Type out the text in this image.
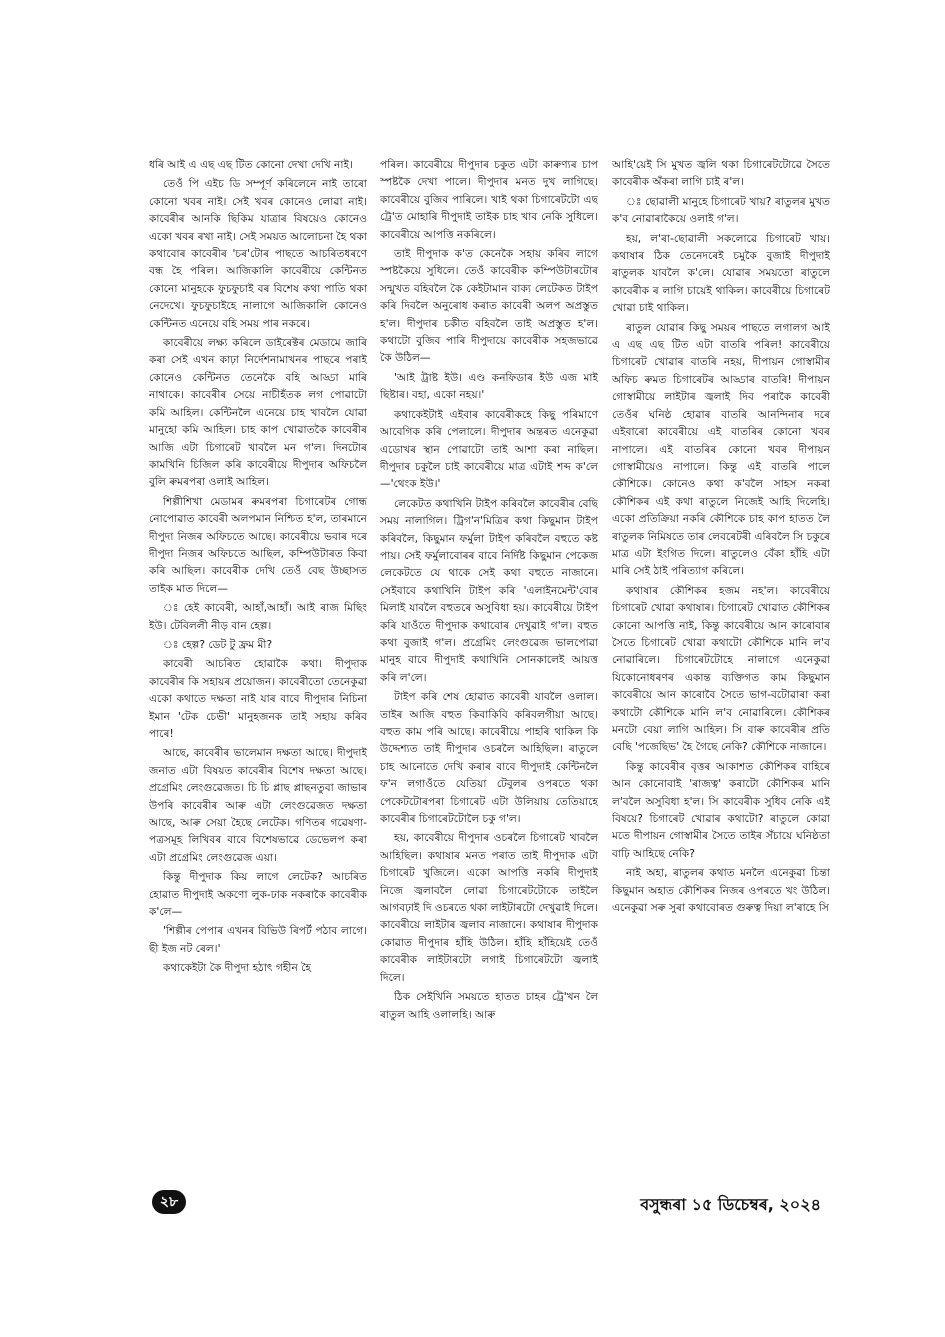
ধৰি আই এ এছ এছ টিত কোনো দেখা দেখি নাই।

তেওঁ পি এইচ ডি সম্পূৰ্ণ কৰিলেনে নাই তাৰো কোনো খবৰ নাই। সেই খবৰ কোনেও লোৱা নাই। কাবেৰীৰ আনকি ছিকিম যাত্ৰাৰ বিষয়েও কোনেও একো খবৰ ৰখা নাই। সেই সময়ত আলোচনা হৈ থকা কথাবোৰ কাবেৰীৰ 'চৰ'টোৰ পাছতে আচৰিতধৰণে বন্ধ হৈ পৰিল। আজিকালি কাবেৰীয়ে কেন্টিনত কোনো মানুহকে ফুচফুচাই বৰ বিশেষ কথা পাতি থকা নেদেখে। ফুচফুচাইহে নালাগে আজিকালি কোনেও কেন্টিনত এনেয়ে বহি সময় পাৰ নকৰে।

কাবেৰীয়ে লক্ষ্য কৰিলে ডাইৰেক্টৰ মেডামে জাৰি কৰা সেই এখন কাঢ়া নিৰ্দেশনামাখনৰ পাছৰে পৰাই কোনেও কেন্টিনত তেনেকৈ বহি আড্ডা মাৰি নাথাকে। কাবেৰীৰ সেয়ে নাচীহঁতক লগ পোৱাটো কমি আহিল। কেন্টিনলৈ এনেয়ে চাহ খাবলৈ যোৱা মানুহো কমি আহিল। চাহ কাপ খোৱাতকৈ কাবেৰীৰ আজি এটা চিগাৰেট খাবলৈ মন গ'ল। দিনটোৰ কামখিনি চিজিল কৰি কাবেৰীয়ে দীপুদাৰ অফিচলৈ বুলি ৰুমৰপৰা ওলাই আহিল।

শিল্পীশিখা মেডামৰ ৰুমৰপৰা চিগাৰেটৰ গোন্ধ নোপোৱাত কাবেৰী অলপমান নিশ্চিত হ'ল, তাৰমানে দীপুদা নিজৰ অফিচতে আছে। কাবেৰীয়ে ভবাৰ দৰে দীপুদা নিজৰ অফিচতে আছিল, কম্পিউটাৰত কিবা কৰি আছিল। কাবেৰীক দেখি তেওঁ বেছ উচ্ছাসত তাইক মাত দিলে—

ঃ হেই কাবেৰী, আহাঁ,আহাঁ। আই ৰাজ মিছিং ইউ। টেবিললী নীড় বান হেল্প।

ঃ হেল্প? ডেট টু ফ্ৰম মী?

কাবেৰী আচৰিত হোৱাকৈ কথা। দীপুদাক কাবেৰীৰ কি সহায়ৰ প্ৰয়োজন। কাবেৰীতো তেনেকুৱা একো কথাতে দক্ষতা নাই যাৰ বাবে দীপুদাৰ নিচিনা ইমান 'টেক চেভী' মানুহজনক তাই সহায় কৰিব পাৰে!

আছে, কাবেৰীৰ ভালেমান দক্ষতা আছে। দীপুদাই জনাত এটা বিষয়ত কাবেৰীৰ বিশেষ দক্ষতা আছে। প্ৰগ্ৰেমিং লেংগুৱেজত। চি চি প্লাছ প্লাছনতুবা জাভাৰ উপৰি কাবেৰীৰ আৰু এটা লেংগুৱেজত দক্ষতা আছে, আৰু সেয়া হৈছে লেটেক। গণিতৰ গৱেষণা-পত্ৰসমূহ লিখিবৰ বাবে বিশেষভাৱে ডেভেলপ কৰা এটা প্ৰগ্ৰেমিং লেংগুৱেজ এয়া।

কিন্তু দীপুদাক কিয় লাগে লেটেক? আচৰিত হোৱাত দীপুদাই অকণো লুক-ঢাক নকৰাকৈ কাবেৰীক ক'লে—

'শিল্পীৰ পেপাৰ এখনৰ বিভিউ ৰিপৰ্ট পঠাব লাগে। ছী ইজ নট ৰেল।'

কথাকেইটা কৈ দীপুদা হঠাৎ গহীন হৈ

পৰিল। কাবেৰীয়ে দীপুদাৰ চকুত এটা কাৰুণ্যৰ চাপ স্পষ্টকৈ দেখা পালে। দীপুদাৰ মনত দুখ লাগিছে। কাবেৰীয়ে বুজিব পাৰিলে। খাই থকা চিগাৰেটটো এছ ট্ৰে'ত মোহাৰি দীপুদাই তাইক চাহ খাব নেকি সুধিলে। কাবেৰীয়ে আপত্তি নকৰিলে।

তাই দীপুদাক ক'ত কেনেকৈ সহায় কৰিব লাগে স্পষ্টকৈয়ে সুধিলে। তেওঁ কাবেৰীক কম্পিউটাৰটোৰ সন্মুখত বহিবলৈ কৈ কেইটামান বাক্য লেটেকত টাইপ কৰি দিবলৈ অনুৰোধ কৰাত কাবেৰী অলপ অপ্ৰস্তুত হ'ল। দীপুদাৰ চকীত বহিবলৈ তাই অপ্ৰস্তুত হ'ল। কথাটো বুজিব পাৰি দীপুদায়ে কাবেৰীক সহজভাৱে কৈ উঠিল—

'আই ট্ৰাষ্ট ইউ। এণ্ড কনফিডাৰ ইউ এজ মাই ছিষ্টাৰ। বহা, একো নহয়।'

কথাকেইটাই এইবাৰ কাবেৰীকহে কিছু পৰিমাণে আবেগিক কৰি পেলালে। দীপুদাৰ অন্তৰত এনেকুৱা এডোখৰ স্থান পোৱাটো তাই আশা কৰা নাছিল। দীপুদাৰ চকুলৈ চাই কাবেৰীয়ে মাত্ৰ এটাই শব্দ ক'লে—'থেংক ইউ।'

লেকেটত কথাখিনি টাইপ কৰিবলৈ কাবেৰীৰ বেছি সময় নালাগিল। ট্ৰিগ'ন'মিত্ৰিৰ কথা কিছুমান টাইপ কৰিবলৈ, কিছুমান ফৰ্মুলা টাইপ কৰিবলৈ বহুতে কষ্ট পায়। সেই ফৰ্মুলাবোৰৰ বাবে নিৰ্দিষ্ট কিছুমান পেকেজ লেকেটতে যে থাকে সেই কথা বহুতে নাজানে। সেইবাবে কথাখিনি টাইপ কৰি 'এলাইনমেন্ট'বোৰ মিলাই যাবলৈ বহুতৰে অসুবিধা হয়। কাবেৰীয়ে টাইপ কৰি যাওঁতে দীপুদাক কথাবোৰ দেখুৱাই গ'ল। বহুত কথা বুজাই গ'ল। প্ৰগ্ৰেমিং লেংগুৱেজ ভালপোৱা মানুহ বাবে দীপুদাই কথাখিনি সোনকালেই আয়ত্ত কৰি ল'লে।

টাইপ কৰি শেষ হোৱাত কাবেৰী যাবলৈ ওলাল। তাইৰ আজি বহুত কিবাকিবি কৰিবলগীয়া আছে। বহুত কাম পৰি আছে। কাবেৰীয়ে পাহৰি থাকিল কি উদ্দেশ্যত তাই দীপুদাৰ ওচৰলৈ আহিছিল। ৰাতুলে চাহ আনোতে দেখি কৰাৰ বাবে দীপুদাই কেন্টিনলৈ ফ'ন লগাওঁতে যেতিয়া টেবুলৰ ওপৰতে থকা পেকেটটোৰপৰা চিগাৰেট এটা উলিয়ায় তেতিয়াহে কাবেৰীৰ চিগাৰেটটোলৈ চকু গ'ল।

হয়, কাবেৰীয়ে দীপুদাৰ ওচৰলৈ চিগাৰেট খাবলৈ আহিছিল। কথাষাৰ মনত পৰাত তাই দীপুদাক এটা চিগাৰেট খুজিলে। একো আপত্তি নকৰি দীপুদাই নিজে জ্বলাবলৈ লোৱা চিগাৰেটটোকে তাইলৈ আগবঢ়াই দি ওচৰতে থকা লাইটাৰটো দেখুৱাই দিলে। কাবেৰীয়ে লাইটাৰ জ্বলাব নাজানে। কথাষাৰ দীপুদাক কোৱাত দীপুদাৰ হাঁহি উঠিল। হাঁহি হাঁহিয়েই তেওঁ কাবেৰীক লাইটাৰটো লগাই চিগাৰেটটো জ্বলাই দিলে।

ঠিক সেইখিনি সময়তে হাতত চাহৰ ট্ৰে'খন লৈ ৰাতুল আহি ওলালহি। আৰু

আহি'য়েই সি মুখত জ্বলি থকা চিগাৰেটটোৱে সৈতে কাবেৰীক অঁকৰা লাগি চাই ৰ'ল।

ঃ ছোৱালী মানুহে চিগাৰেট খায়? ৰাতুলৰ মুখত ক'ব নোৱাৰাকৈয়ে ওলাই গ'ল।

হয়, ল'ৰা-ছোৱালী সকলোৱে চিগাৰেট খায়। কথাষাৰ ঠিক তেনেদৰেই চমুকৈ বুজাই দীপুদাই ৰাতুলক যাবলৈ ক'লে। যোৱাৰ সময়তো ৰাতুলে কাবেৰীক ৰ লাগি চায়েই থাকিল। কাবেৰীয়ে চিগাৰেট খোৱা চাই থাকিল।

ৰাতুল যোৱাৰ কিছু সময়ৰ পাছতে লগালগ আই এ এছ এছ টিত এটা বাতৰি পৰিল! কাবেৰীয়ে চিগাৰেট খোৱাৰ বাতৰি নহয়, দীপায়ন গোস্বামীৰ অফিচ ৰুমত চিগাৰেটৰ আড্ডাৰ বাতৰি! দীপায়ন গোস্বামীয়ে লাইটাৰ জ্বলাই দিব পৰাকৈ কাবেৰী তেওঁৰ ঘনিষ্ঠ হোৱাৰ বাতৰি আনন্দিনাৰ দৰে এইবাৰো কাবেৰীয়ে এই বাতৰিৰ কোনো খবৰ নাপালে। এই বাতৰিৰ কোনো খবৰ দীপায়ন গোস্বামীয়েও নাপালে। কিন্তু এই বাতৰি পালে কৌশিকে। কোনেও কথা ক'বলৈ সাহস নকৰা কৌশিকৰ এই কথা ৰাতুলে নিজেই আহি দিলেহি। একো প্ৰতিক্ৰিয়া নকৰি কৌশিকে চাহ কাপ হাতত লৈ ৰাতুলক নিমিষতে তাৰ লেবৰেটৰী এৰিবলৈ সি চকুৰে মাত্ৰ এটা ইংগিত দিলে। ৰাতুলেও বেঁকা হাঁহি এটা মাৰি সেই ঠাই পৰিত্যাগ কৰিলে।

কথাষাৰ কৌশিকৰ হজম নহ'ল। কাবেৰীয়ে চিগাৰেট খোৱা কথাষাৰ। চিগাৰেট খোৱাত কৌশিকৰ কোনো আপত্তি নাই, কিন্তু কাবেৰীয়ে আন কাৰোবাৰ সৈতে চিগাৰেট খোৱা কথাটো কৌশিকে মানি ল'ব নোৱাৰিলে। চিগাৰেটটোহে নালাগে এনেকুৱা যিকোনোধৰণৰ একান্ত ব্যক্তিগত কাম কিছুমান কাবেৰীয়ে আন কাৰোবৈ সৈতে ভাগ-বটোৱাৰা কৰা কথাটো কৌশিকে মানি ল'ব নোৱাৰিলে। কৌশিকৰ মনটো বেয়া লাগি আহিল। সি বাৰু কাবেৰীৰ প্ৰতি বেছি 'পজেছিভ' হৈ গৈছে নেকি? কৌশিকে নাজানে।

কিন্তু কাবেৰীৰ বৃত্তৰ আকাশত কৌশিকৰ বাহিৰে আন কোনোবাই 'ৰাজত্ব' কৰাটো কৌশিকৰ মানি ল'বলৈ অসুবিধা হ'ল। সি কাবেৰীক সুধিব নেকি এই বিষয়ে? চিগাৰেট খোৱাৰ কথাটো? ৰাতুলে কোৱা মতে দীপায়ন গোস্বামীৰ সৈতে তাইৰ সঁচায়ে ঘনিষ্ঠতা বাঢ়ি আহিছে নেকি?

নাই অহা, ৰাতুলৰ কথাত মনলৈ এনেকুৱা চিন্তা কিছুমান অহাত কৌশিকৰ নিজৰ ওপৰতে খং উঠিল। এনেকুৱা সৰু সুৰা কথাবোৰত গুৰুত্ব দিয়া ল'ৰাহে সি

২৮	বসুন্ধৰা ১৫ ডিচেম্বৰ, ২০২৪
